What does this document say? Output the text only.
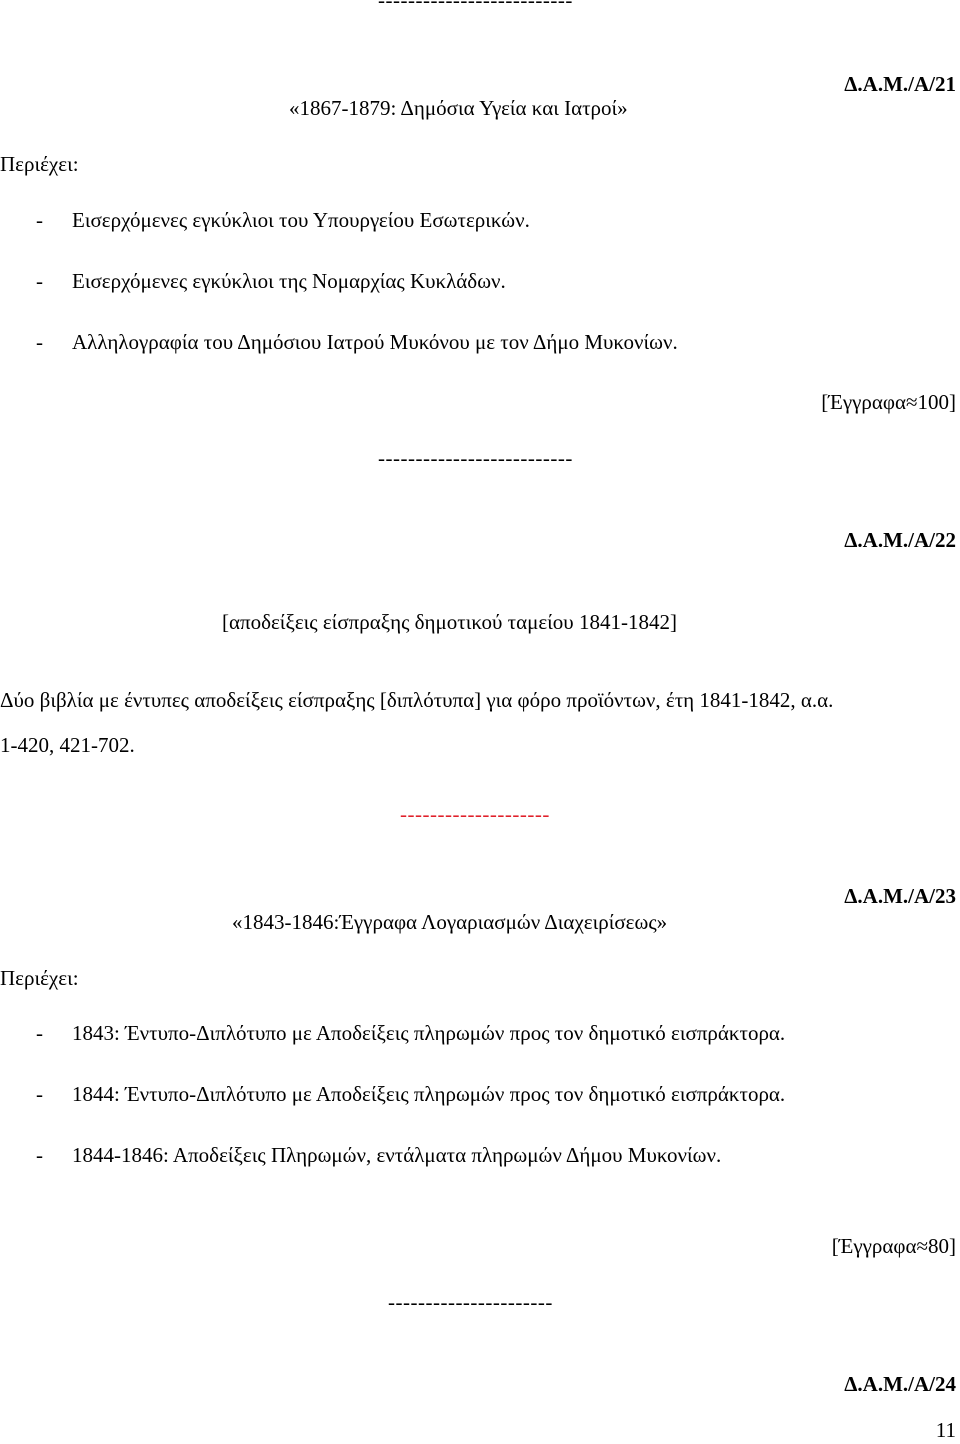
--------------------------
Δ.Α.Μ./Α/21
«1867-1879: Δημόσια Υγεία και Ιατροί»
Περιέχει:
- Εισερχόμενες εγκύκλιοι του Υπουργείου Εσωτερικών.
- Εισερχόμενες εγκύκλιοι της Νομαρχίας Κυκλάδων.
- Αλληλογραφία του Δημόσιου Ιατρού Μυκόνου με τον Δήμο Μυκονίων.
[Έγγραφα≈100]
--------------------------
Δ.Α.Μ./Α/22
[αποδείξεις είσπραξης δημοτικού ταμείου 1841-1842]
Δύο βιβλία με έντυπες αποδείξεις είσπραξης [διπλότυπα] για φόρο προϊόντων, έτη 1841-1842, α.α.
1-420, 421-702.
--------------------
Δ.Α.Μ./Α/23
«1843-1846:Έγγραφα Λογαριασμών Διαχειρίσεως»
Περιέχει:
- 1843: Έντυπο-Διπλότυπο με Αποδείξεις πληρωμών προς τον δημοτικό εισπράκτορα.
- 1844: Έντυπο-Διπλότυπο με Αποδείξεις πληρωμών προς τον δημοτικό εισπράκτορα.
- 1844-1846: Αποδείξεις Πληρωμών, εντάλματα πληρωμών Δήμου Μυκονίων.
[Έγγραφα≈80]
----------------------
Δ.Α.Μ./Α/24
11
